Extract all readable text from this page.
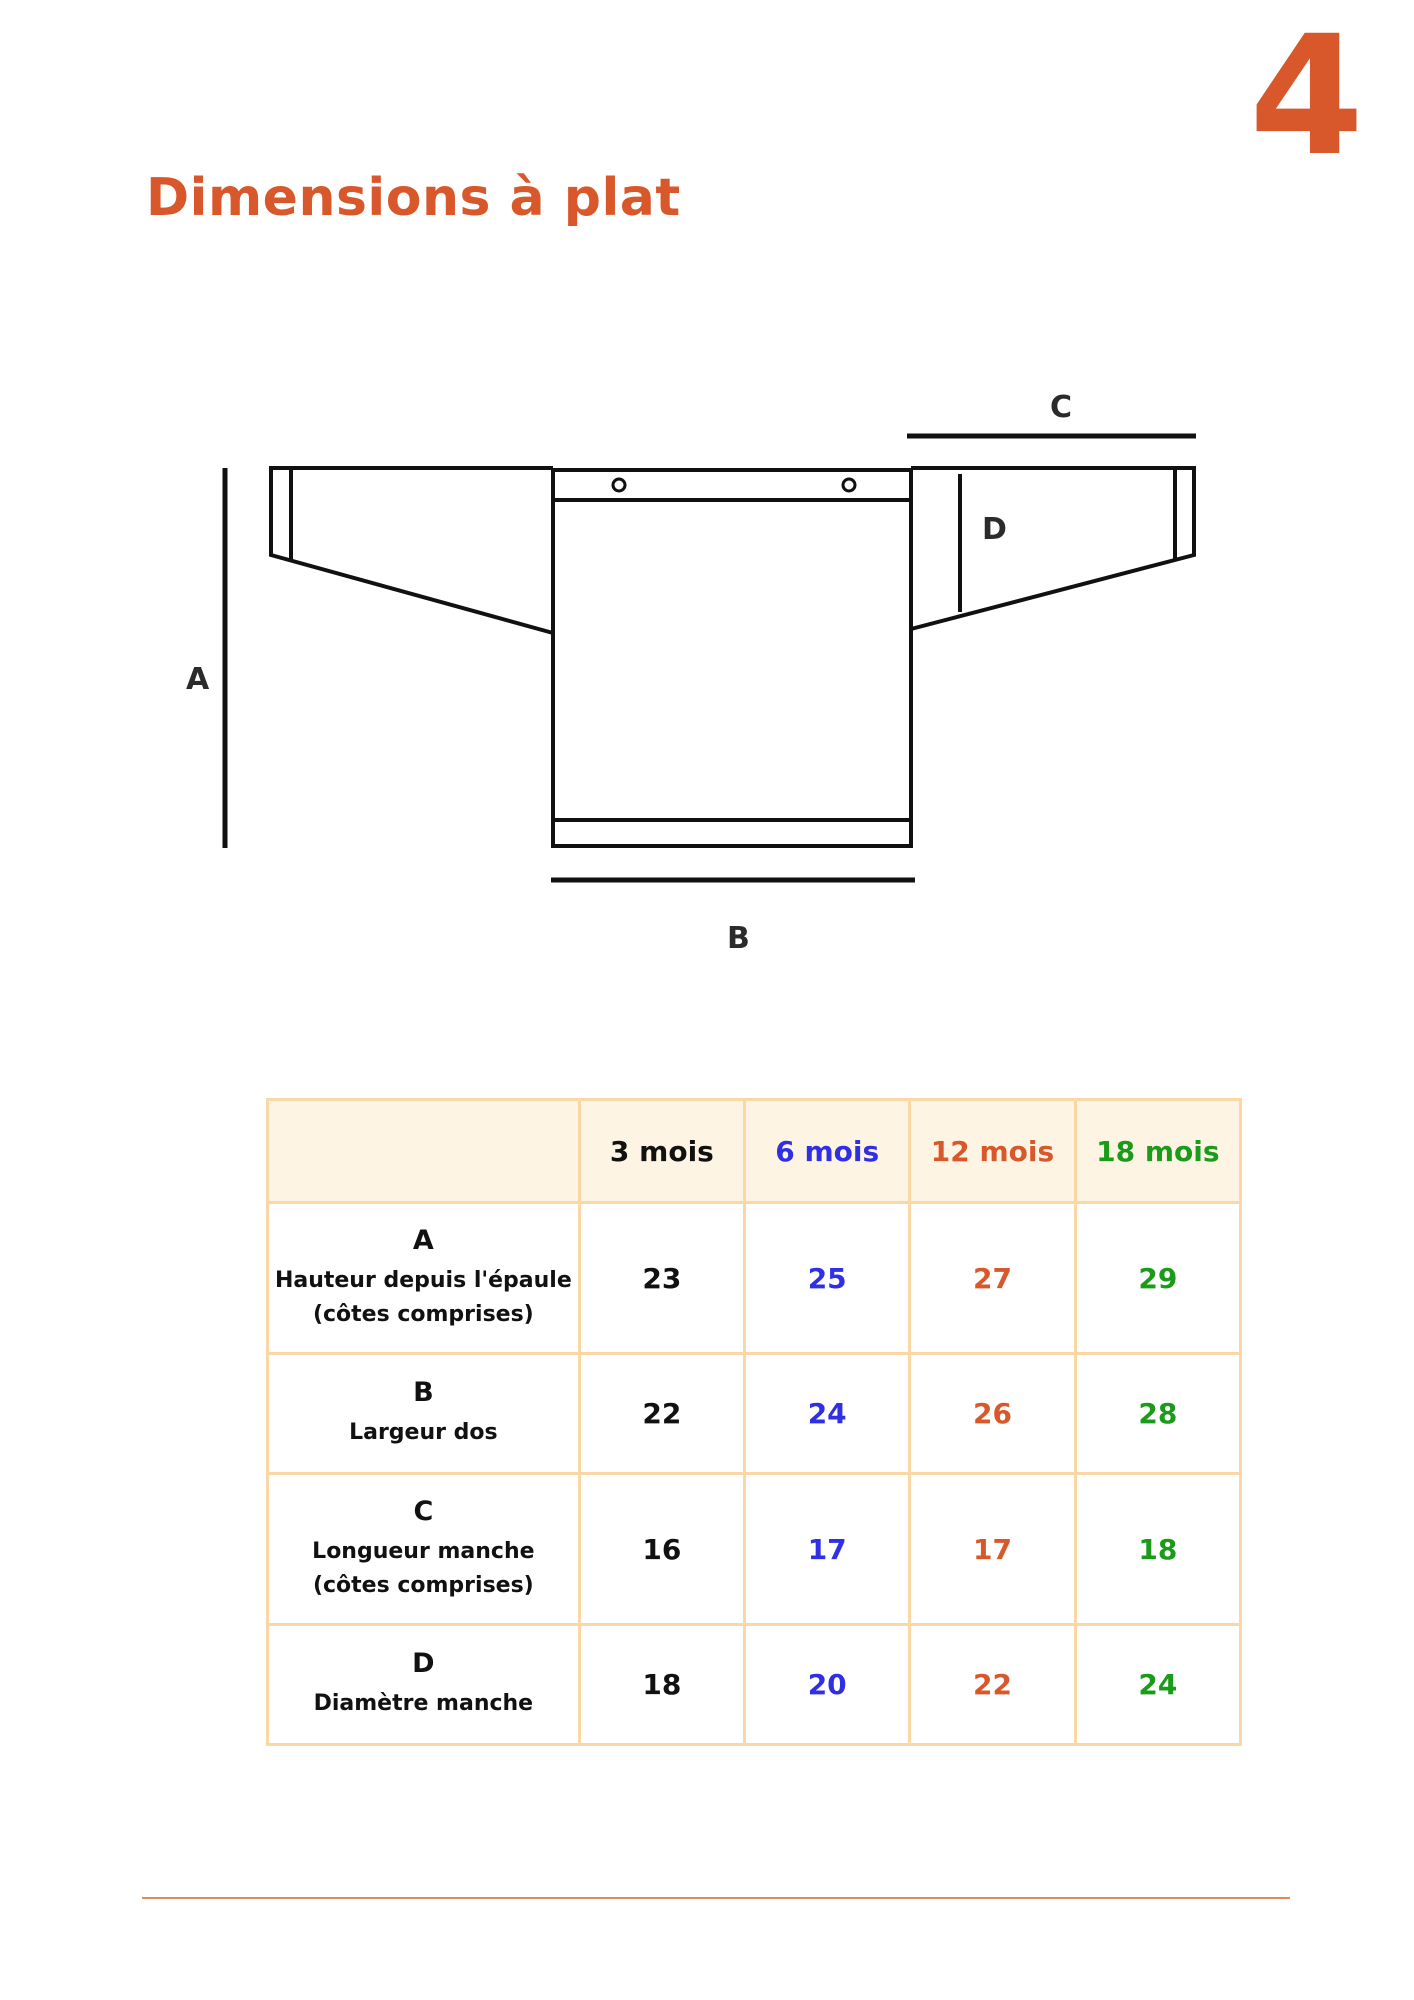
4
Dimensions à plat
A
B
C
D
	3 mois	6 mois	12 mois	18 mois

A
Hauteur depuis l'épaule
(côtes comprises)	23	25	27	29

B
Largeur dos	22	24	26	28

C
Longueur manche
(côtes comprises)	16	17	17	18

D
Diamètre manche	18	20	22	24
